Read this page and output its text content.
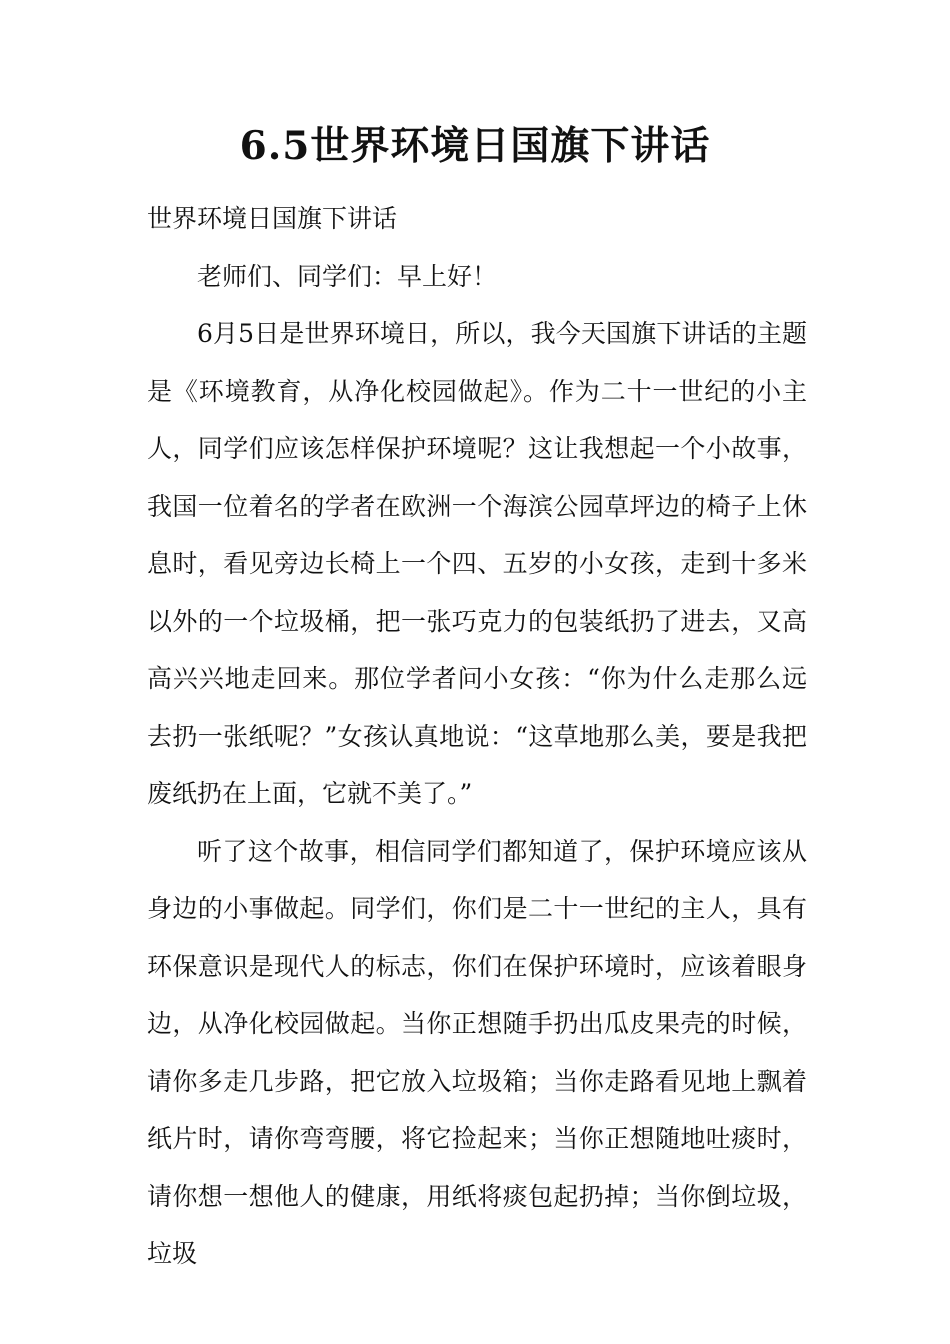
6.5世界环境日国旗下讲话

世界环境日国旗下讲话

老师们、同学们：早上好！

6月5日是世界环境日，所以，我今天国旗下讲话的主题是《环境教育，从净化校园做起》。作为二十一世纪的小主人，同学们应该怎样保护环境呢？这让我想起一个小故事，我国一位着名的学者在欧洲一个海滨公园草坪边的椅子上休息时，看见旁边长椅上一个四、五岁的小女孩，走到十多米以外的一个垃圾桶，把一张巧克力的包装纸扔了进去，又高高兴兴地走回来。那位学者问小女孩：“你为什么走那么远去扔一张纸呢？”女孩认真地说：“这草地那么美，要是我把废纸扔在上面，它就不美了。”

听了这个故事，相信同学们都知道了，保护环境应该从身边的小事做起。同学们，你们是二十一世纪的主人，具有环保意识是现代人的标志，你们在保护环境时，应该着眼身边，从净化校园做起。当你正想随手扔出瓜皮果壳的时候，请你多走几步路，把它放入垃圾箱；当你走路看见地上飘着纸片时，请你弯弯腰，将它捡起来；当你正想随地吐痰时，请你想一想他人的健康，用纸将痰包起扔掉；当你倒垃圾，垃圾
